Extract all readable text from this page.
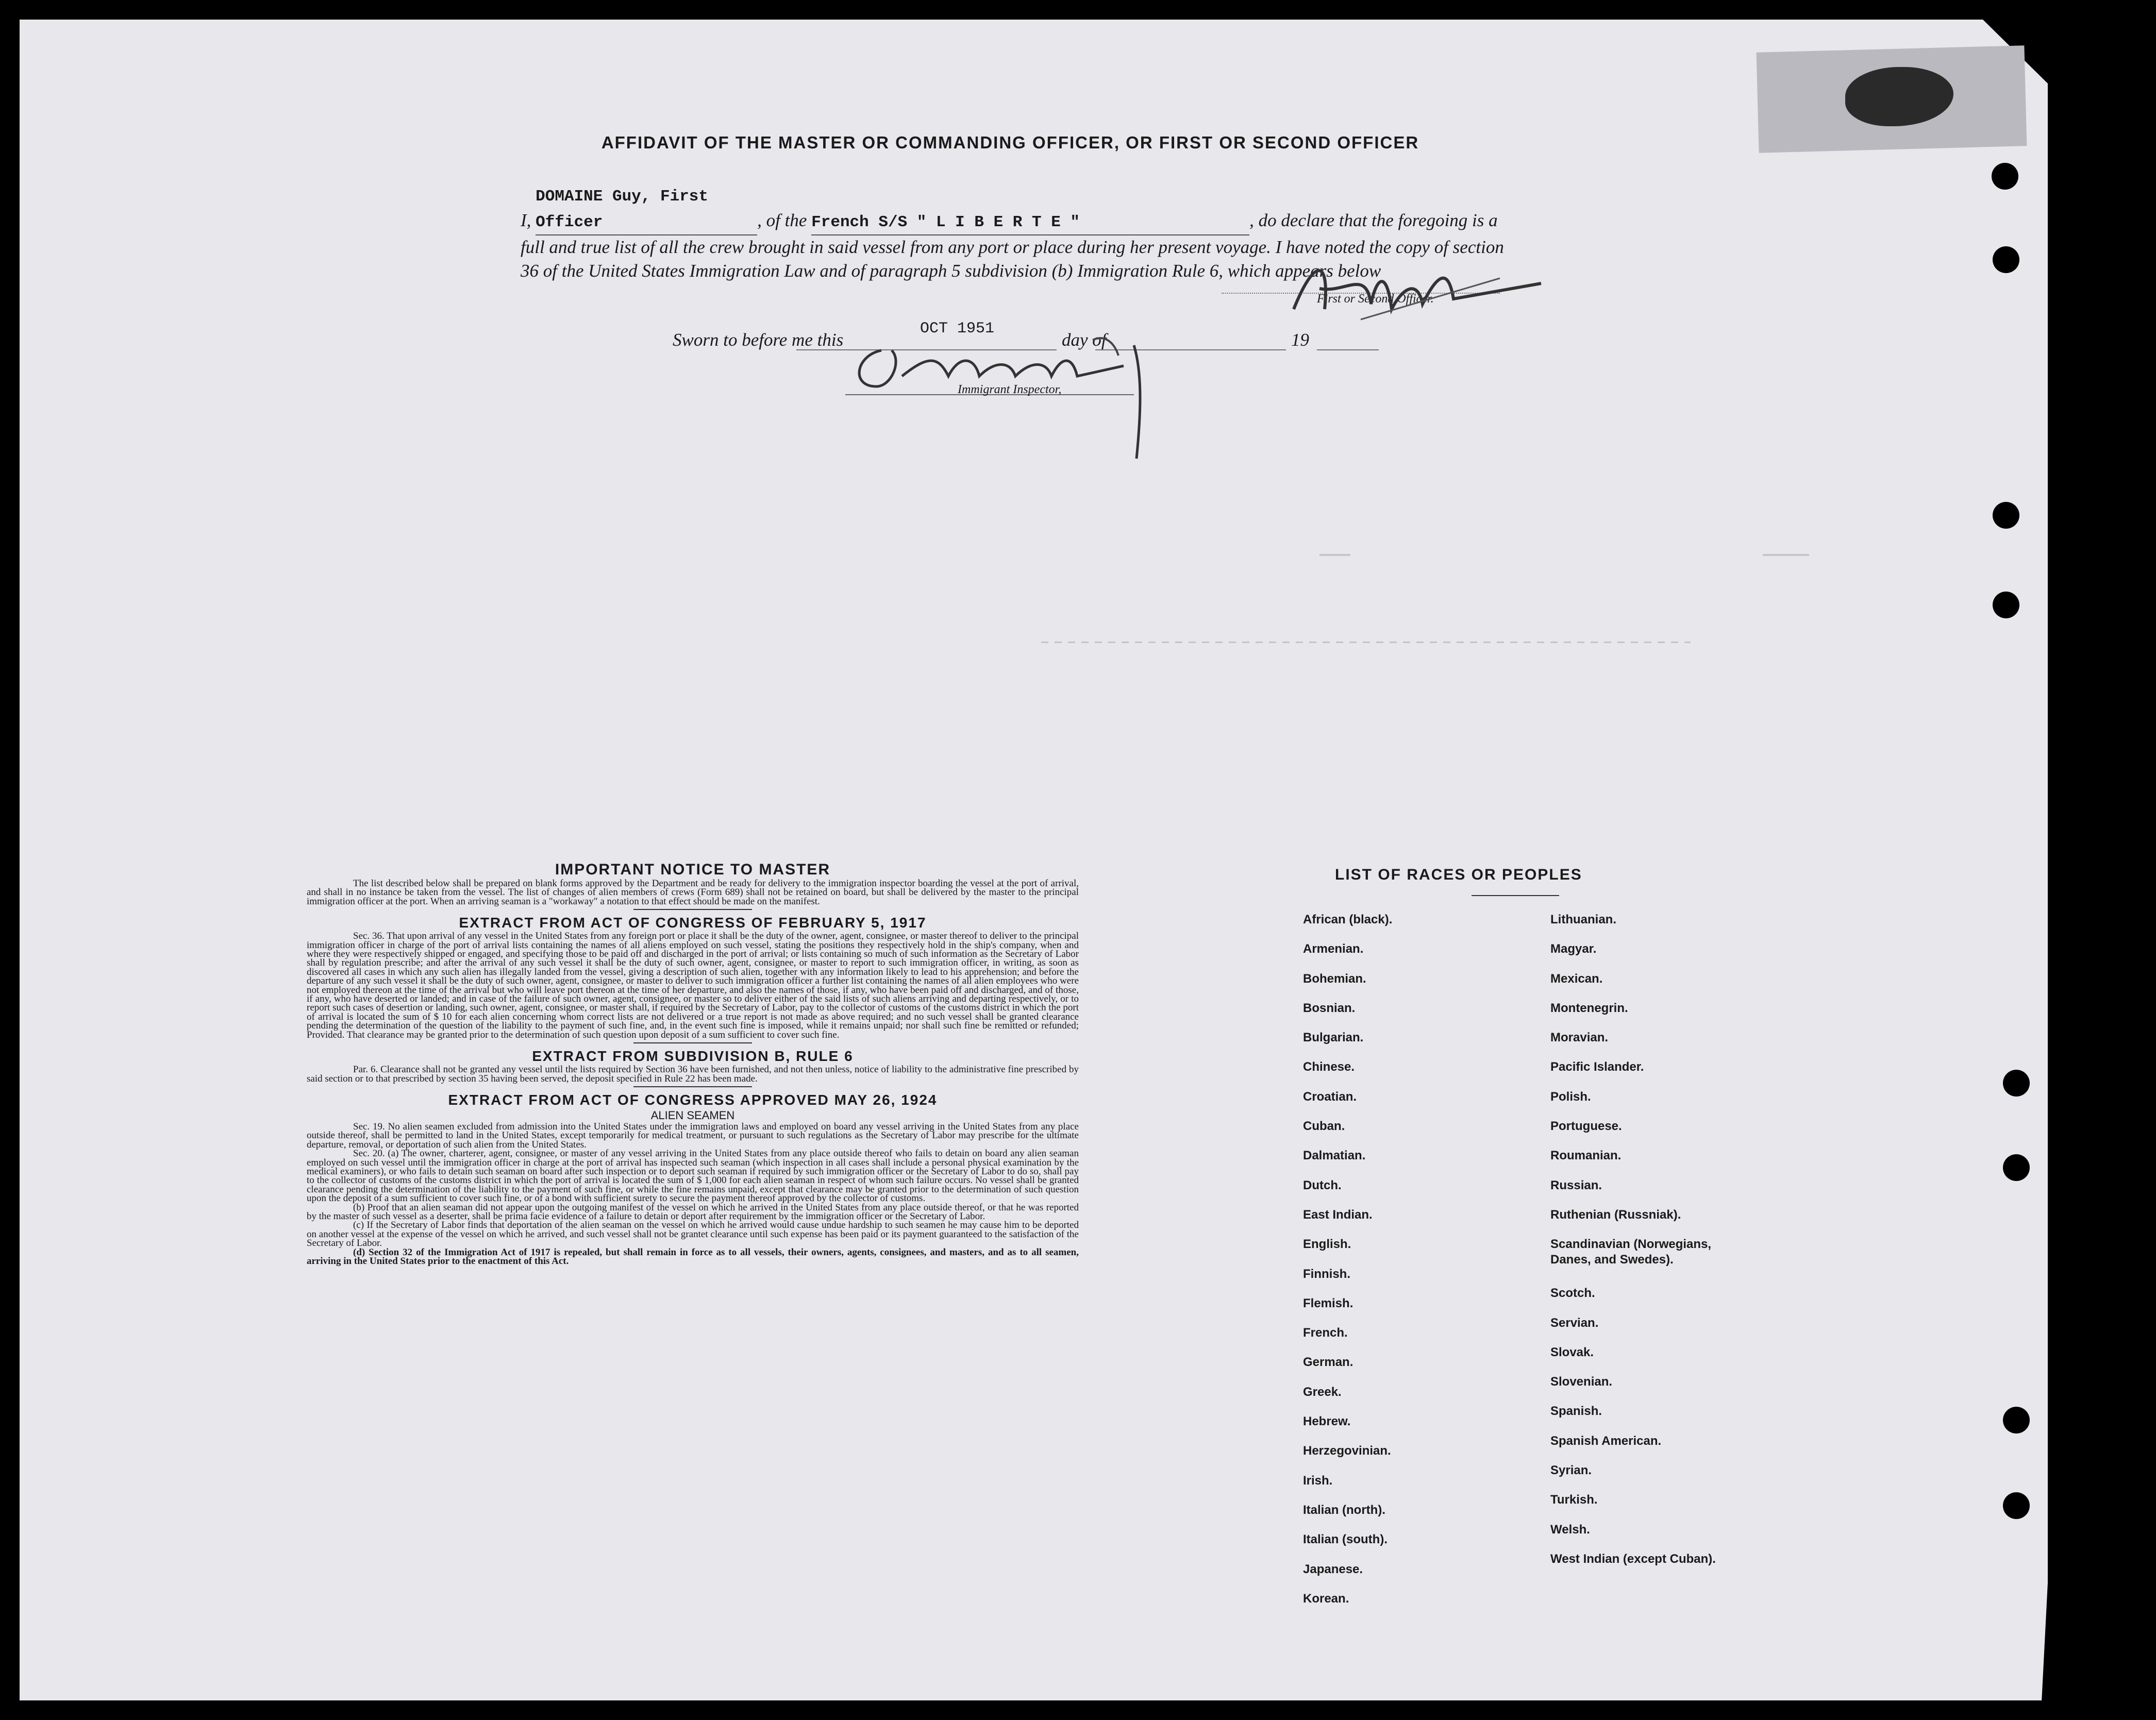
AFFIDAVIT OF THE MASTER OR COMMANDING OFFICER, OR FIRST OR SECOND OFFICER
I, DOMAINE Guy, First Officer	, of the French S/S " L I B E R T E "	, do declare that the foregoing is a full and true list of all the crew brought in said vessel from any port or place during her present voyage. I have noted the copy of section 36 of the United States Immigration Law and of paragraph 5 subdivision (b) Immigration Rule 6, which appears below
First or Second Officer.
Sworn to before me this
OCT 1951
day of	19
Immigrant Inspector,
IMPORTANT NOTICE TO MASTER

The list described below shall be prepared on blank forms approved by the Department and be ready for delivery to the immigration inspector boarding the vessel at the port of arrival, and shall in no instance be taken from the vessel. The list of changes of alien members of crews (Form 689) shall not be retained on board, but shall be delivered by the master to the principal immigration officer at the port. When an arriving seaman is a "workaway" a notation to that effect should be made on the manifest.

EXTRACT FROM ACT OF CONGRESS OF FEBRUARY 5, 1917

Sec. 36. That upon arrival of any vessel in the United States from any foreign port or place it shall be the duty of the owner, agent, consignee, or master thereof to deliver to the principal immigration officer in charge of the port of arrival lists containing the names of all aliens employed on such vessel, stating the positions they respectively hold in the ship's company, when and where they were respectively shipped or engaged, and specifying those to be paid off and discharged in the port of arrival; or lists containing so much of such information as the Secretary of Labor shall by regulation prescribe; and after the arrival of any such vessel it shall be the duty of such owner, agent, consignee, or master to report to such immigration officer, in writing, as soon as discovered all cases in which any such alien has illegally landed from the vessel, giving a description of such alien, together with any information likely to lead to his apprehension; and before the departure of any such vessel it shall be the duty of such owner, agent, consignee, or master to deliver to such immigration officer a further list containing the names of all alien employees who were not employed thereon at the time of the arrival but who will leave port thereon at the time of her departure, and also the names of those, if any, who have been paid off and discharged, and of those, if any, who have deserted or landed; and in case of the failure of such owner, agent, consignee, or master so to deliver either of the said lists of such aliens arriving and departing respectively, or to report such cases of desertion or landing, such owner, agent, consignee, or master shall, if required by the Secretary of Labor, pay to the collector of customs of the customs district in which the port of arrival is located the sum of $ 10 for each alien concerning whom correct lists are not delivered or a true report is not made as above required; and no such vessel shall be granted clearance pending the determination of the question of the liability to the payment of such fine, and, in the event such fine is imposed, while it remains unpaid; nor shall such fine be remitted or refunded; Provided. That clearance may be granted prior to the determination of such question upon deposit of a sum sufficient to cover such fine.

EXTRACT FROM SUBDIVISION B, RULE 6

Par. 6. Clearance shall not be granted any vessel until the lists required by Section 36 have been furnished, and not then unless, notice of liability to the administrative fine prescribed by said section or to that prescribed by section 35 having been served, the deposit specified in Rule 22 has been made.

EXTRACT FROM ACT OF CONGRESS APPROVED MAY 26, 1924
ALIEN SEAMEN

Sec. 19. No alien seamen excluded from admission into the United States under the immigration laws and employed on board any vessel arriving in the United States from any place outside thereof, shall be permitted to land in the United States, except temporarily for medical treatment, or pursuant to such regulations as the Secretary of Labor may prescribe for the ultimate departure, removal, or deportation of such alien from the United States.

Sec. 20. (a) The owner, charterer, agent, consignee, or master of any vessel arriving in the United States from any place outside thereof who fails to detain on board any alien seaman employed on such vessel until the immigration officer in charge at the port of arrival has inspected such seaman (which inspection in all cases shall include a personal physical examination by the medical examiners), or who fails to detain such seaman on board after such inspection or to deport such seaman if required by such immigration officer or the Secretary of Labor to do so, shall pay to the collector of customs of the customs district in which the port of arrival is located the sum of $ 1,000 for each alien seaman in respect of whom such failure occurs. No vessel shall be granted clearance pending the determination of the liability to the payment of such fine, or while the fine remains unpaid, except that clearance may be granted prior to the determination of such question upon the deposit of a sum sufficient to cover such fine, or of a bond with sufficient surety to secure the payment thereof approved by the collector of customs.

(b) Proof that an alien seaman did not appear upon the outgoing manifest of the vessel on which he arrived in the United States from any place outside thereof, or that he was reported by the master of such vessel as a deserter, shall be prima facie evidence of a failure to detain or deport after requirement by the immigration officer or the Secretary of Labor.

(c) If the Secretary of Labor finds that deportation of the alien seaman on the vessel on which he arrived would cause undue hardship to such seamen he may cause him to be deported on another vessel at the expense of the vessel on which he arrived, and such vessel shall not be grantet clearance until such expense has been paid or its payment guaranteed to the satisfaction of the Secretary of Labor.

(d) Section 32 of the Immigration Act of 1917 is repealed, but shall remain in force as to all vessels, their owners, agents, consignees, and masters, and as to all seamen, arriving in the United States prior to the enactment of this Act.

LIST OF RACES OR PEOPLES
African (black).
Armenian.
Bohemian.
Bosnian.
Bulgarian.
Chinese.
Croatian.
Cuban.
Dalmatian.
Dutch.
East Indian.
English.
Finnish.
Flemish.
French.
German.
Greek.
Hebrew.
Herzegovinian.
Irish.
Italian (north).
Italian (south).
Japanese.
Korean.
Lithuanian.
Magyar.
Mexican.
Montenegrin.
Moravian.
Pacific Islander.
Polish.
Portuguese.
Roumanian.
Russian.
Ruthenian (Russniak).
Scandinavian (Norwegians, Danes, and Swedes).
Scotch.
Servian.
Slovak.
Slovenian.
Spanish.
Spanish American.
Syrian.
Turkish.
Welsh.
West Indian (except Cuban).
